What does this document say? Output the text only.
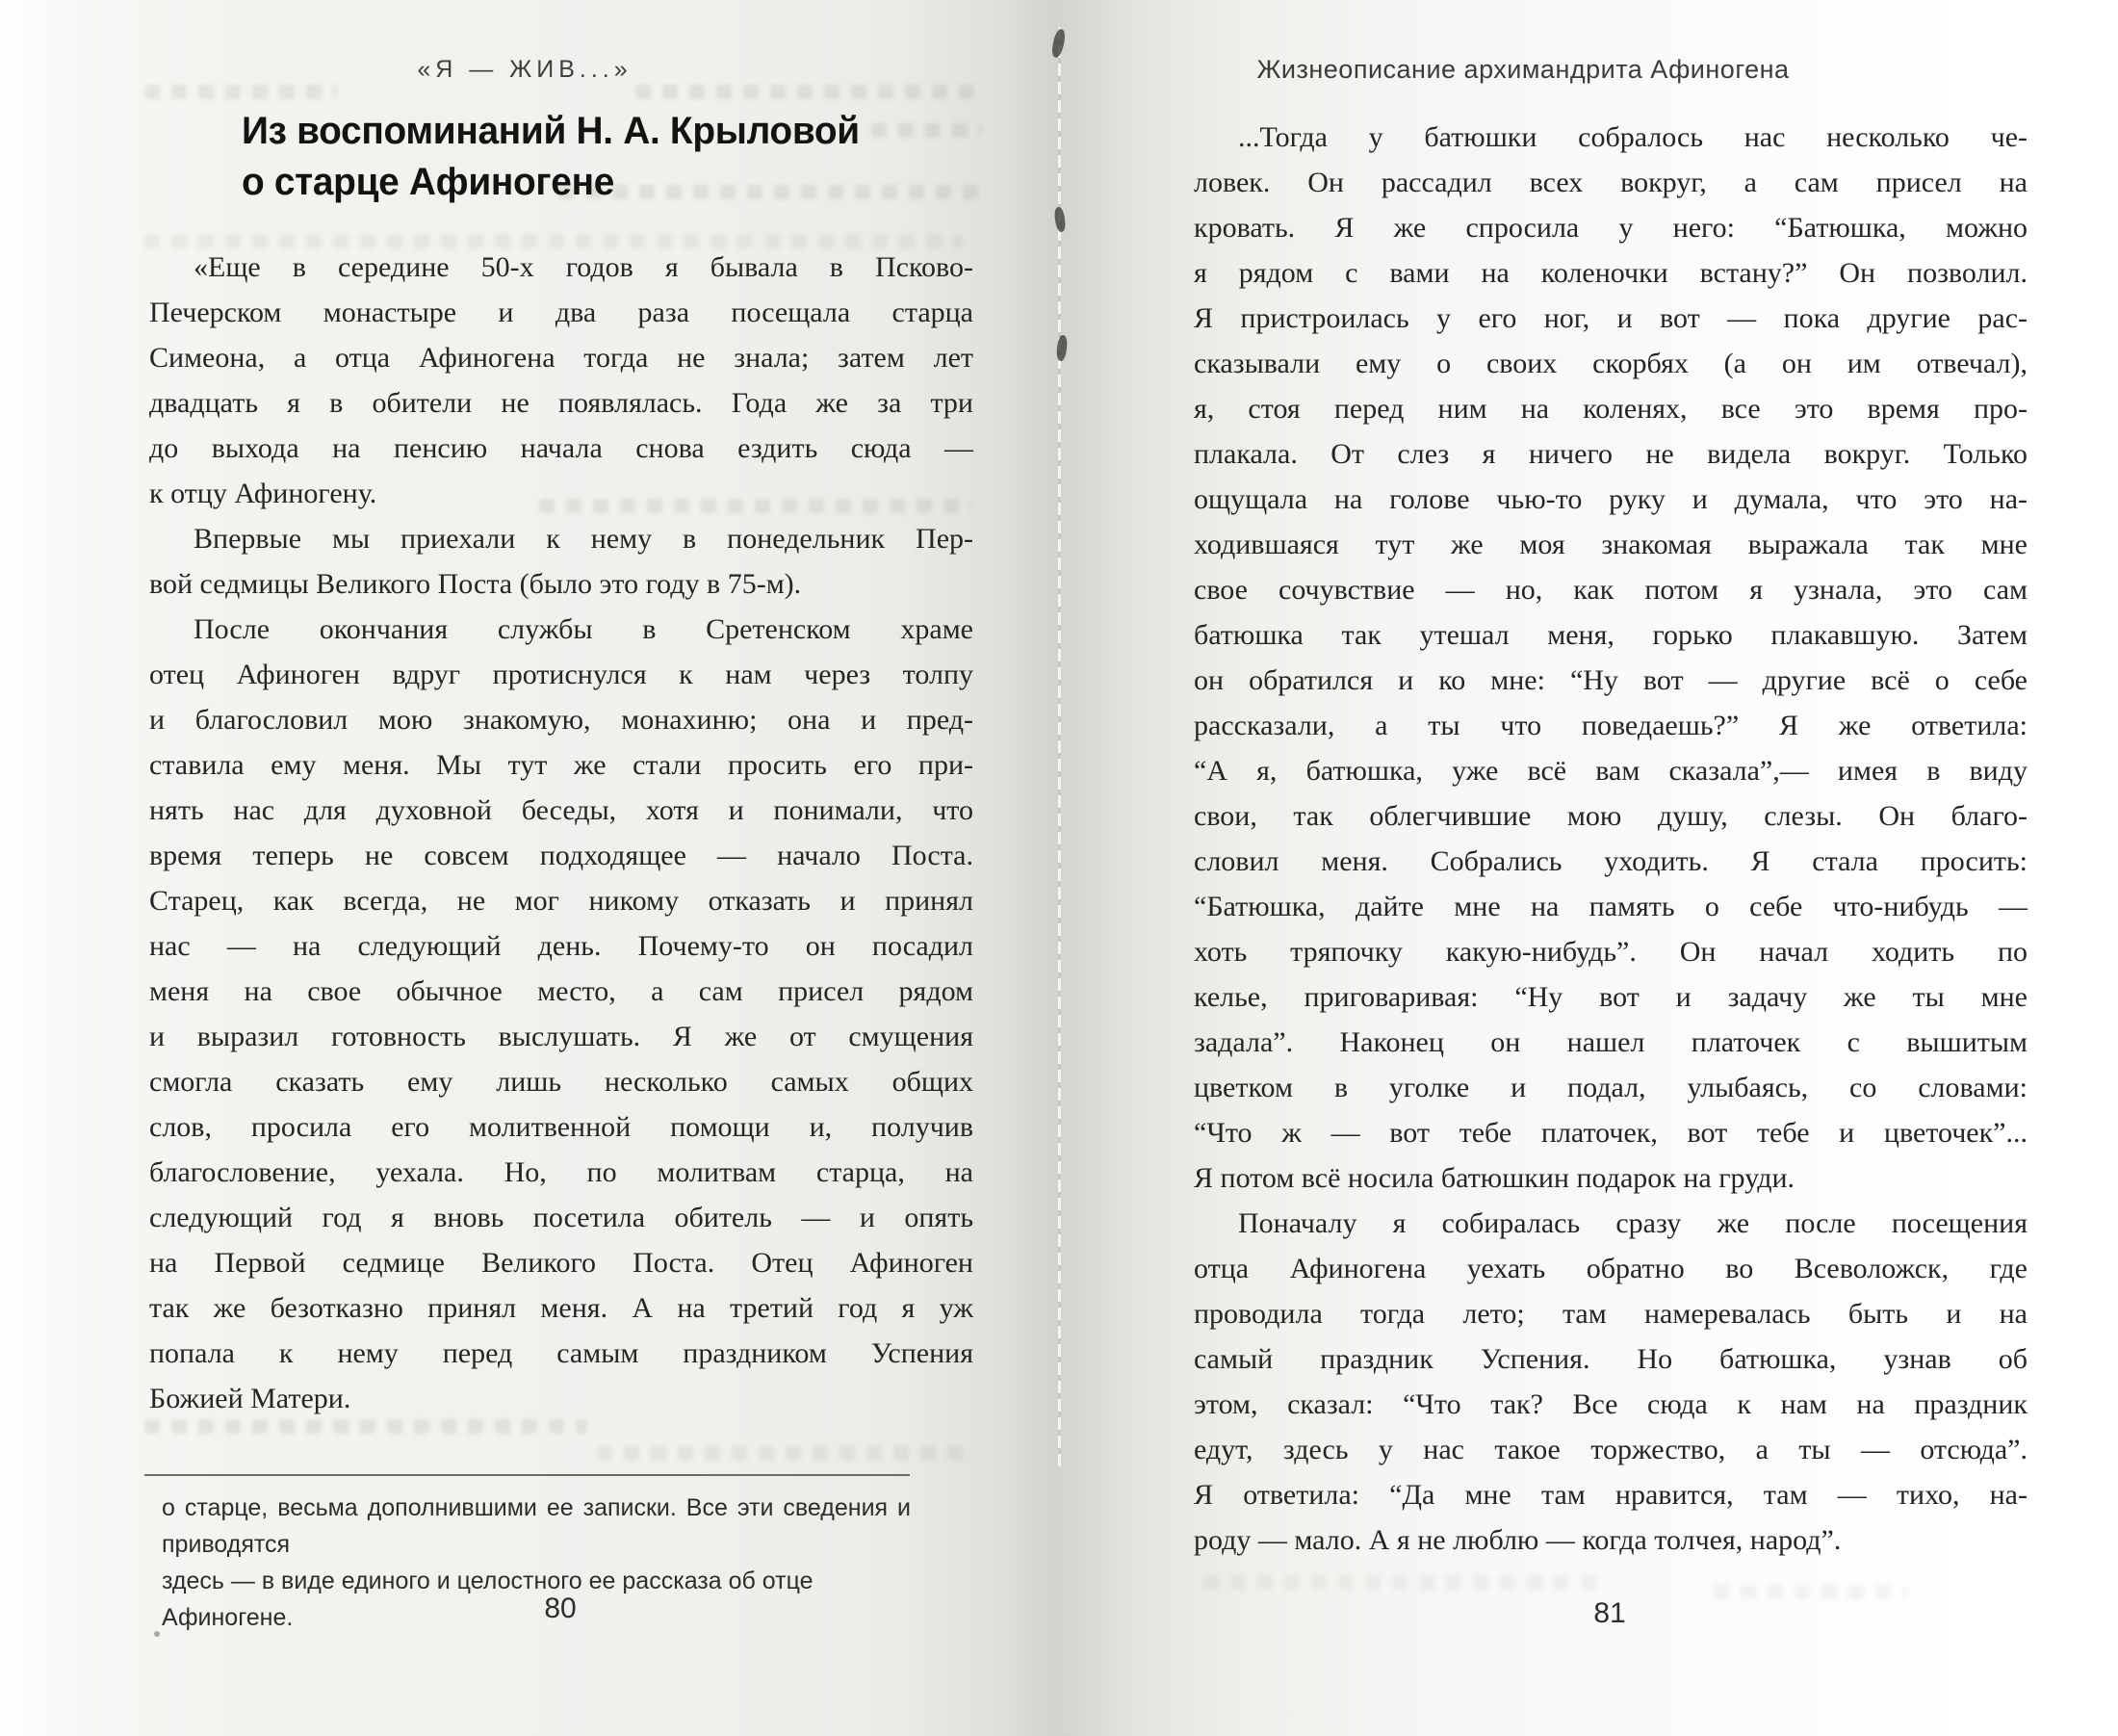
«Я — ЖИВ...»
Из воспоминаний Н. А. Крыловой
о старце Афиногене
«Еще в середине 50-х годов я бывала в Псково-
Печерском монастыре и два раза посещала старца
Симеона, а отца Афиногена тогда не знала; затем лет
двадцать я в обители не появлялась. Года же за три
до выхода на пенсию начала снова ездить сюда —
к отцу Афиногену.
Впервые мы приехали к нему в понедельник Пер-
вой седмицы Великого Поста (было это году в 75-м).
После окончания службы в Сретенском храме
отец Афиноген вдруг протиснулся к нам через толпу
и благословил мою знакомую, монахиню; она и пред-
ставила ему меня. Мы тут же стали просить его при-
нять нас для духовной беседы, хотя и понимали, что
время теперь не совсем подходящее — начало Поста.
Старец, как всегда, не мог никому отказать и принял
нас — на следующий день. Почему-то он посадил
меня на свое обычное место, а сам присел рядом
и выразил готовность выслушать. Я же от смущения
смогла сказать ему лишь несколько самых общих
слов, просила его молитвенной помощи и, получив
благословение, уехала. Но, по молитвам старца, на
следующий год я вновь посетила обитель — и опять
на Первой седмице Великого Поста. Отец Афиноген
так же безотказно принял меня. А на третий год я уж
попала к нему перед самым праздником Успения
Божией Матери.
о старце, весьма дополнившими ее записки. Все эти сведения и приводятся
здесь — в виде единого и целостного ее рассказа об отце Афиногене.	80
Жизнеописание архимандрита Афиногена
...Тогда у батюшки собралось нас несколько че-
ловек. Он рассадил всех вокруг, а сам присел на
кровать. Я же спросила у него: “Батюшка, можно
я рядом с вами на коленочки встану?” Он позволил.
Я пристроилась у его ног, и вот — пока другие рас-
сказывали ему о своих скорбях (а он им отвечал),
я, стоя перед ним на коленях, все это время про-
плакала. От слез я ничего не видела вокруг. Только
ощущала на голове чью-то руку и думала, что это на-
ходившаяся тут же моя знакомая выражала так мне
свое сочувствие — но, как потом я узнала, это сам
батюшка так утешал меня, горько плакавшую. Затем
он обратился и ко мне: “Ну вот — другие всё о себе
рассказали, а ты что поведаешь?” Я же ответила:
“А я, батюшка, уже всё вам сказала”,— имея в виду
свои, так облегчившие мою душу, слезы. Он благо-
словил меня. Собрались уходить. Я стала просить:
“Батюшка, дайте мне на память о себе что-нибудь —
хоть тряпочку какую-нибудь”. Он начал ходить по
келье, приговаривая: “Ну вот и задачу же ты мне
задала”. Наконец он нашел платочек с вышитым
цветком в уголке и подал, улыбаясь, со словами:
“Что ж — вот тебе платочек, вот тебе и цветочек”...
Я потом всё носила батюшкин подарок на груди.
Поначалу я собиралась сразу же после посещения
отца Афиногена уехать обратно во Всеволожск, где
проводила тогда лето; там намеревалась быть и на
самый праздник Успения. Но батюшка, узнав об
этом, сказал: “Что так? Все сюда к нам на праздник
едут, здесь у нас такое торжество, а ты — отсюда”.
Я ответила: “Да мне там нравится, там — тихо, на-
роду — мало. А я не люблю — когда толчея, народ”.
81
